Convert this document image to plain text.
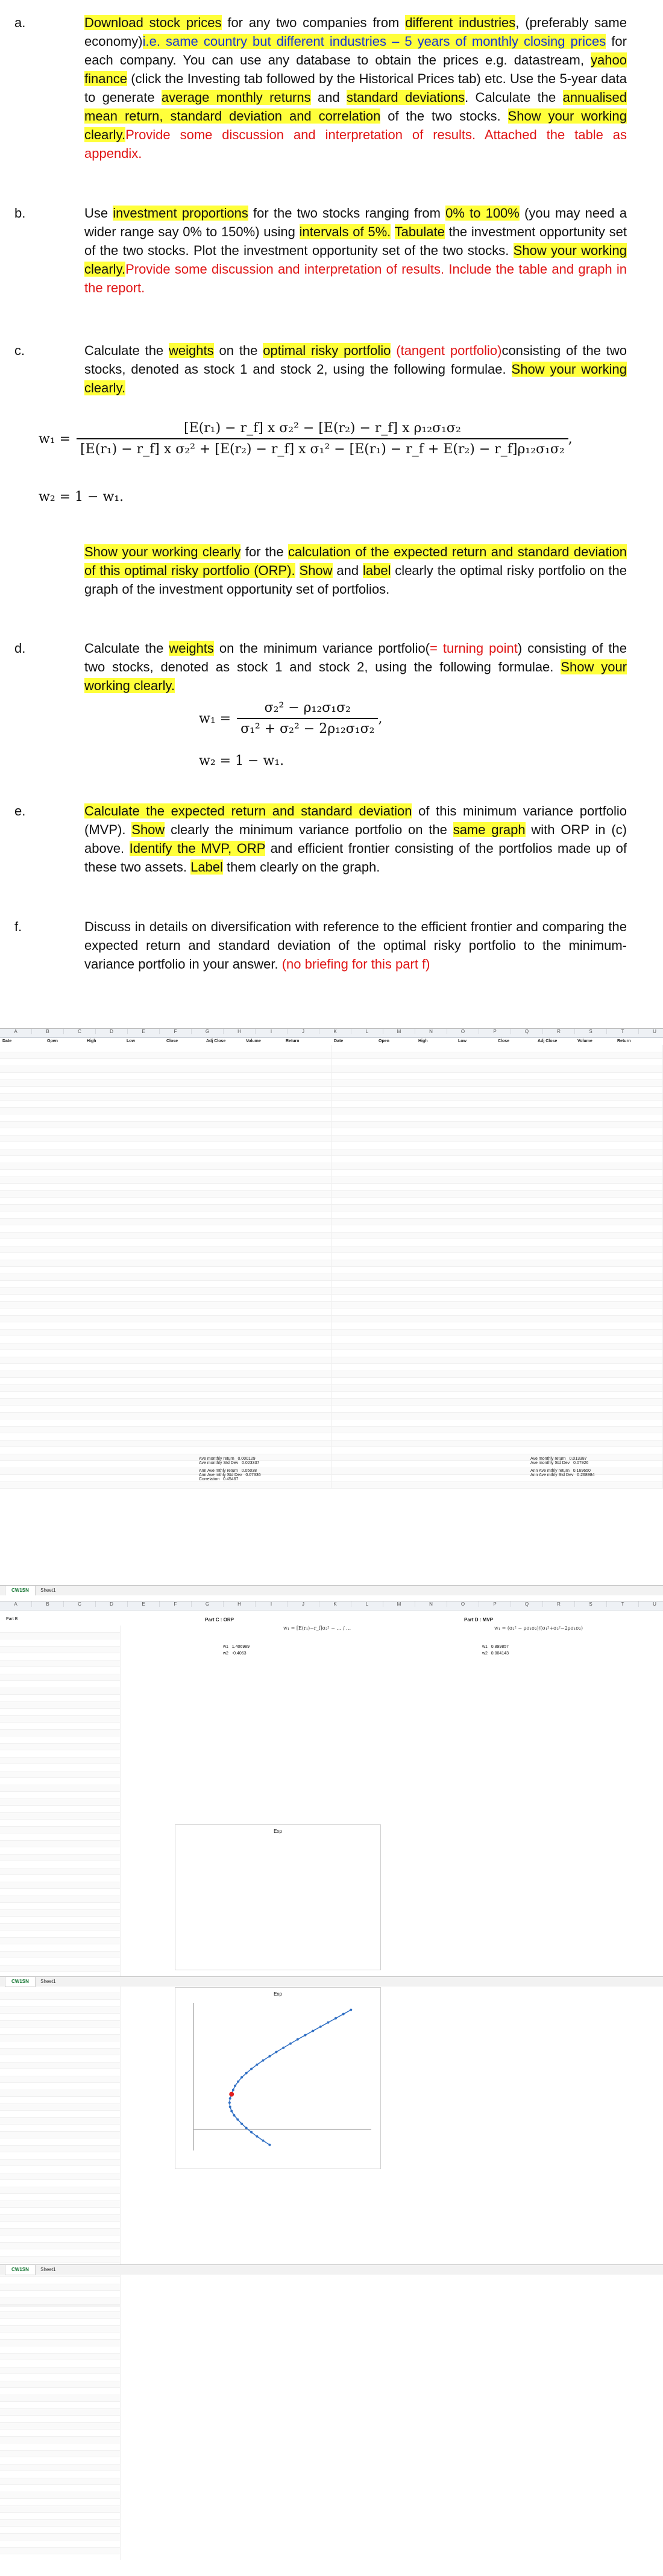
a.	Download stock prices for any two companies from different industries, (preferably same economy)i.e. same country but different industries – 5 years of monthly closing prices for each company. You can use any database to obtain the prices e.g. datastream, yahoo finance (click the Investing tab followed by the Historical Prices tab) etc. Use the 5-year data to generate average monthly returns and standard deviations. Calculate the annualised mean return, standard deviation and correlation of the two stocks. Show your working clearly.Provide some discussion and interpretation of results. Attached the table as appendix.
b.	Use investment proportions for the two stocks ranging from 0% to 100% (you may need a wider range say 0% to 150%) using intervals of 5%. Tabulate the investment opportunity set of the two stocks. Plot the investment opportunity set of the two stocks. Show your working clearly.Provide some discussion and interpretation of results. Include the table and graph in the report.
c.	Calculate the weights on the optimal risky portfolio (tangent portfolio)consisting of the two stocks, denoted as stock 1 and stock 2, using the following formulae. Show your working clearly.
w₁ =
[E(r₁) − r_f] x σ₂² − [E(r₂) − r_f] x ρ₁₂σ₁σ₂
[E(r₁) − r_f] x σ₂² + [E(r₂) − r_f] x σ₁² − [E(r₁) − r_f + E(r₂) − r_f]ρ₁₂σ₁σ₂
,
w₂ = 1 − w₁.
Show your working clearly for the calculation of the expected return and standard deviation of this optimal risky portfolio (ORP). Show and label clearly the optimal risky portfolio on the graph of the investment opportunity set of portfolios.
d.	Calculate the weights on the minimum variance portfolio(= turning point) consisting of the two stocks, denoted as stock 1 and stock 2, using the following formulae. Show your working clearly.
$w_1 = \frac{\text{σ₂² − ρ₁₂σ₁σ₂}}{\text{σ₁² + σ₂² − 2ρ₁₂σ₁σ₂}}$ ,
w₂ = 1 − w₁.
e.	Calculate the expected return and standard deviation of this minimum variance portfolio (MVP). Show clearly the minimum variance portfolio on the same graph with ORP in (c) above. Identify the MVP, ORP and efficient frontier consisting of the portfolios made up of these two assets. Label them clearly on the graph.
f.	Discuss in details on diversification with reference to the efficient frontier and comparing the expected return and standard deviation of the optimal risky portfolio to the minimum-variance portfolio in your answer. (no briefing for this part f)
A	B	C	D	E	F	G	H	I	J	K	L	M	N	O	P	Q	R	S	T	U
Date	Open	High	Low	Close	Adj Close	Volume	Return	Date	Open	High	Low	Close	Adj Close	Volume	Return
CW1SN Sheet1
Ave monthly return 0.000129
Ave monthly Std Dev 0.023337
Ann Ave mthly return 0.05038
Ann Ave mthly Std Dev 0.07336
Correlation 0.45467
Ave monthly return 0.013387
Ave monthly Std Dev 0.07926
Ann Ave mthly return 0.169650
Ann Ave mthly Std Dev 0.268984
A	B	C	D	E	F	G	H	I	J	K	L	M	N	O	P	Q	R	S	T	U
Part B	Part C : ORP	Part D : MVP
w₁ = [E(r₁)−r_f]σ₂² − … / …	w₁ = (σ₂² − ρσ₁σ₂)/(σ₁²+σ₂²−2ρσ₁σ₂)
w1 1.406989
w2 -0.4063
w1 0.899857
w2 0.004143
Exp
Exp
CW1SN Sheet1
CW1SN Sheet1
